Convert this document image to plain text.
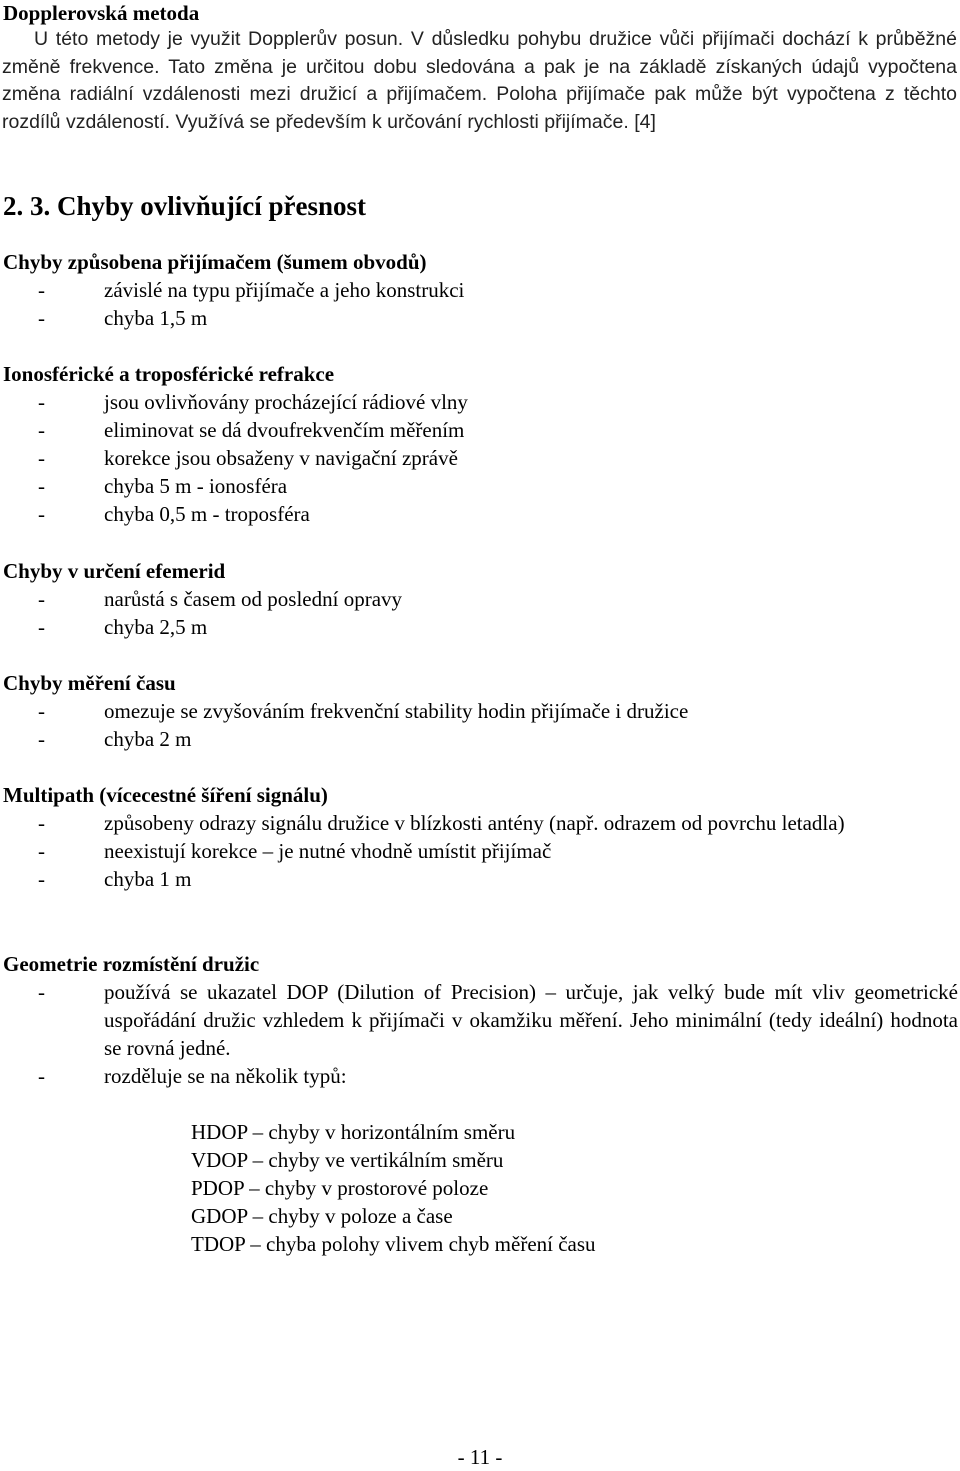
Dopplerovská metoda

U této metody je využit Dopplerův posun. V důsledku pohybu družice vůči přijímači dochází k průběžné změně frekvence. Tato změna je určitou dobu sledována a pak je na základě získaných údajů vypočtena změna radiální vzdálenosti mezi družicí a přijímačem. Poloha přijímače pak může být vypočtena z těchto rozdílů vzdáleností. Využívá se především k určování rychlosti přijímače. [4]

2. 3. Chyby ovlivňující přesnost
Chyby způsobena přijímačem (šumem obvodů)
-	závislé na typu přijímače a jeho konstrukci
-	chyba 1,5 m
Ionosférické a troposférické refrakce
-	jsou ovlivňovány procházející rádiové vlny
-	eliminovat se dá dvoufrekvenčím měřením
-	korekce jsou obsaženy v navigační zprávě
-	chyba 5 m - ionosféra
-	chyba 0,5 m - troposféra
Chyby v určení efemerid
-	narůstá s časem od poslední opravy
-	chyba 2,5 m
Chyby měření času
-	omezuje se zvyšováním frekvenční stability hodin přijímače i družice
-	chyba 2 m
Multipath (vícecestné šíření signálu)
-	způsobeny odrazy signálu družice v blízkosti antény (např. odrazem od povrchu letadla)
-	neexistují korekce – je nutné vhodně umístit přijímač
-	chyba 1 m
Geometrie rozmístění družic
-	používá se ukazatel DOP (Dilution of Precision) – určuje, jak velký bude mít vliv geometrické uspořádání družic vzhledem k přijímači v okamžiku měření. Jeho minimální (tedy ideální) hodnota se rovná jedné.
-	rozděluje se na několik typů:
HDOP – chyby v horizontálním směru
VDOP – chyby ve vertikálním směru
PDOP – chyby v prostorové poloze
GDOP – chyby v poloze a čase
TDOP – chyba polohy vlivem chyb měření času
- 11 -
